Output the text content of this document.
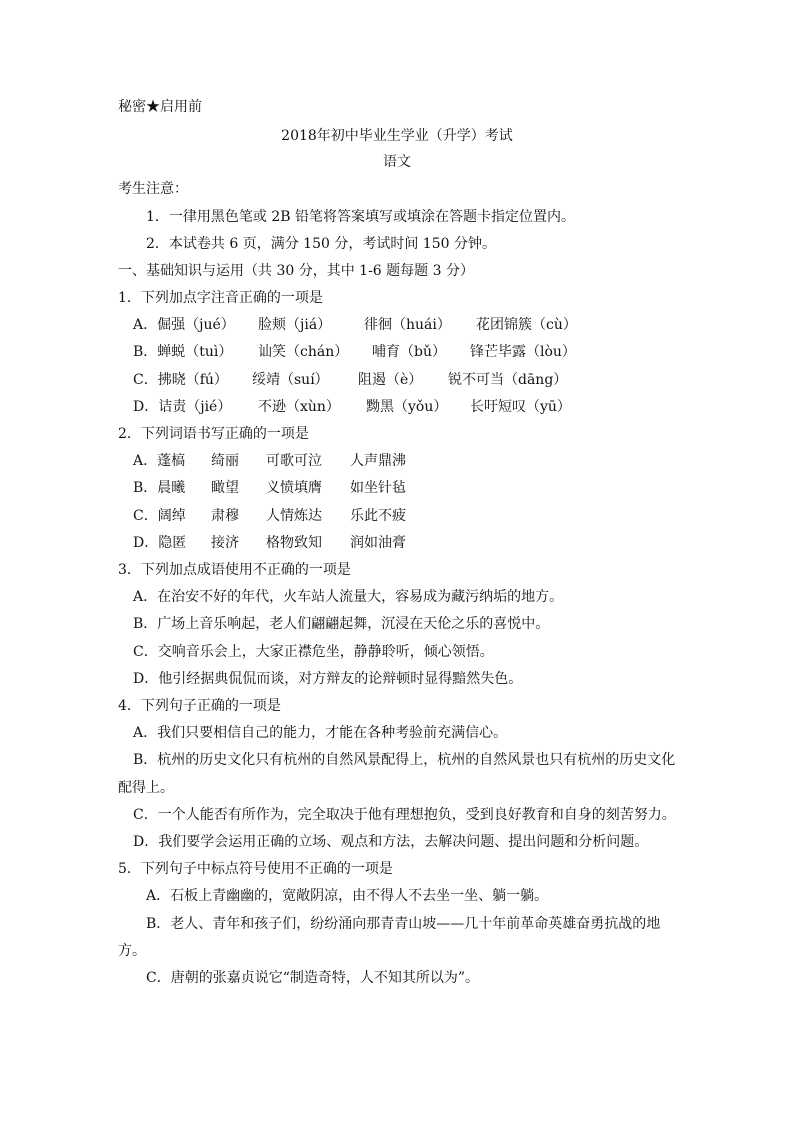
秘密★启用前
2018年初中毕业生学业（升学）考试
语文
考生注意：
1．一律用黑色笔或 2B 铅笔将答案填写或填涂在答题卡指定位置内。
2．本试卷共 6 页，满分 150 分，考试时间 150 分钟。
一、基础知识与运用（共 30 分，其中 1-6 题每题 3 分）
1．下列加点字注音正确的一项是
A．倔强（jué） 脸颊（jiá） 徘徊（huái） 花团锦簇（cù）
B．蝉蜕（tuì） 讪笑（chán） 哺育（bǔ） 锋芒毕露（lòu）
C．拂晓（fú） 绥靖（suí） 阻遏（è） 锐不可当（dāng）
D．诘责（jié） 不逊（xùn） 黝黑（yǒu） 长吁短叹（yū）
2．下列词语书写正确的一项是
A．蓬槁 绮丽 可歌可泣 人声鼎沸
B．晨曦 瞰望 义愤填膺 如坐针毡
C．阔绰 肃穆 人情炼达 乐此不疲
D．隐匿 接济 格物致知 润如油膏
3．下列加点成语使用不正确的一项是
A．在治安不好的年代，火车站人流量大，容易成为藏污纳垢的地方。
B．广场上音乐响起，老人们翩翩起舞，沉浸在天伦之乐的喜悦中。
C．交响音乐会上，大家正襟危坐，静静聆听，倾心领悟。
D．他引经据典侃侃而谈，对方辩友的论辩顿时显得黯然失色。
4．下列句子正确的一项是
A．我们只要相信自己的能力，才能在各种考验前充满信心。
B．杭州的历史文化只有杭州的自然风景配得上，杭州的自然风景也只有杭州的历史文化
配得上。
C．一个人能否有所作为，完全取决于他有理想抱负，受到良好教育和自身的刻苦努力。
D．我们要学会运用正确的立场、观点和方法，去解决问题、提出问题和分析问题。
5．下列句子中标点符号使用不正确的一项是
A．石板上青幽幽的，宽敞阴凉，由不得人不去坐一坐、躺一躺。
B．老人、青年和孩子们，纷纷涌向那青青山坡——几十年前革命英雄奋勇抗战的地
方。
C．唐朝的张嘉贞说它“制造奇特，人不知其所以为”。
